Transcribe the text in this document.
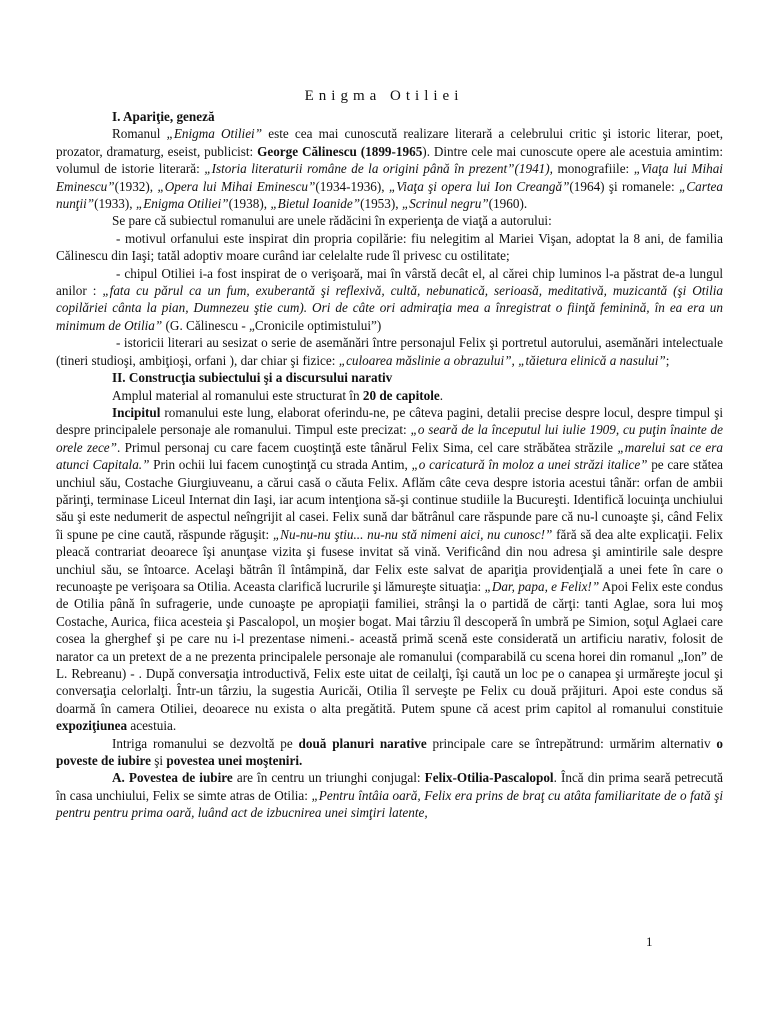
Enigma Otiliei

I. Apariţie, geneză

Romanul „Enigma Otiliei” este cea mai cunoscută realizare literară a celebrului critic şi istoric literar, poet, prozator, dramaturg, eseist, publicist: George Călinescu (1899-1965). Dintre cele mai cunoscute opere ale acestuia amintim: volumul de istorie literară: „Istoria literaturii române de la origini până în prezent”(1941), monografiile: „Viaţa lui Mihai Eminescu”(1932), „Opera lui Mihai Eminescu”(1934-1936), „Viaţa şi opera lui Ion Creangă”(1964) şi romanele: „Cartea nunţii”(1933), „Enigma Otiliei”(1938), „Bietul Ioanide”(1953), „Scrinul negru”(1960).

Se pare că subiectul romanului are unele rădăcini în experienţa de viaţă a autorului:

- motivul orfanului este inspirat din propria copilărie: fiu nelegitim al Mariei Vişan, adoptat la 8 ani, de familia Călinescu din Iaşi; tatăl adoptiv moare curând iar celelalte rude îl privesc cu ostilitate;

- chipul Otiliei i-a fost inspirat de o verişoară, mai în vârstă decât el, al cărei chip luminos l-a păstrat de-a lungul anilor : „fata cu părul ca un fum, exuberantă şi reflexivă, cultă, nebunatică, serioasă, meditativă, muzicantă (şi Otilia copilăriei cânta la pian, Dumnezeu ştie cum). Ori de câte ori admiraţia mea a înregistrat o fiinţă feminină, în ea era un minimum de Otilia” (G. Călinescu - „Cronicile optimistului”)

- istoricii literari au sesizat o serie de asemănări între personajul Felix şi portretul autorului, asemănări intelectuale (tineri studioşi, ambiţioşi, orfani ), dar chiar şi fizice: „culoarea măslinie a obrazului”, „tăietura elinică a nasului”;

II. Construcţia subiectului şi a discursului narativ

Amplul material al romanului este structurat în 20 de capitole.

Incipitul romanului este lung, elaborat oferindu-ne, pe câteva pagini, detalii precise despre locul, despre timpul şi despre principalele personaje ale romanului. Timpul este precizat: „o seară de la începutul lui iulie 1909, cu puţin înainte de orele zece”. Primul personaj cu care facem cuoştinţă este tânărul Felix Sima, cel care străbătea străzile „marelui sat ce era atunci Capitala.” Prin ochii lui facem cunoştinţă cu strada Antim, „o caricatură în moloz a unei străzi italice” pe care stătea unchiul său, Costache Giurgiuveanu, a cărui casă o căuta Felix. Aflăm câte ceva despre istoria acestui tânăr: orfan de ambii părinţi, terminase Liceul Internat din Iaşi, iar acum intenţiona să-şi continue studiile la Bucureşti. Identifică locuinţa unchiului său şi este nedumerit de aspectul neîngrijit al casei. Felix sună dar bătrânul care răspunde pare că nu-l cunoaşte şi, când Felix îi spune pe cine caută, răspunde răguşit: „Nu-nu-nu ştiu... nu-nu stă nimeni aici, nu cunosc!” fără să dea alte explicaţii. Felix pleacă contrariat deoarece îşi anunţase vizita şi fusese invitat să vină. Verificând din nou adresa şi amintirile sale despre unchiul său, se întoarce. Acelaşi bătrân îl întâmpină, dar Felix este salvat de apariţia providenţială a unei fete în care o recunoaşte pe verişoara sa Otilia. Aceasta clarifică lucrurile şi lămureşte situaţia: „Dar, papa, e Felix!” Apoi Felix este condus de Otilia până în sufragerie, unde cunoaşte pe apropiaţii familiei, strânşi la o partidă de cărţi: tanti Aglae, sora lui moş Costache, Aurica, fiica acesteia şi Pascalopol, un moşier bogat. Mai târziu îl descoperă în umbră pe Simion, soţul Aglaei care cosea la gherghef şi pe care nu i-l prezentase nimeni.- această primă scenă este considerată un artificiu narativ, folosit de narator ca un pretext de a ne prezenta principalele personaje ale romanului (comparabilă cu scena horei din romanul „Ion” de L. Rebreanu) - . După conversaţia introductivă, Felix este uitat de ceilalţi, îşi caută un loc pe o canapea şi urmăreşte jocul şi conversaţia celorlalţi. Într-un târziu, la sugestia Auricăi, Otilia îl serveşte pe Felix cu două prăjituri. Apoi este condus să doarmă în camera Otiliei, deoarece nu exista o alta pregătită. Putem spune că acest prim capitol al romanului constituie expoziţiunea acestuia.

Intriga romanului se dezvoltă pe două planuri narative principale care se întrepătrund: urmărim alternativ o poveste de iubire şi povestea unei moşteniri.

A. Povestea de iubire are în centru un triunghi conjugal: Felix-Otilia-Pascalopol. Încă din prima seară petrecută în casa unchiului, Felix se simte atras de Otilia: „Pentru întâia oară, Felix era prins de braţ cu atâta familiaritate de o fată şi pentru pentru prima oară, luând act de izbucnirea unei simţiri latente,

1
